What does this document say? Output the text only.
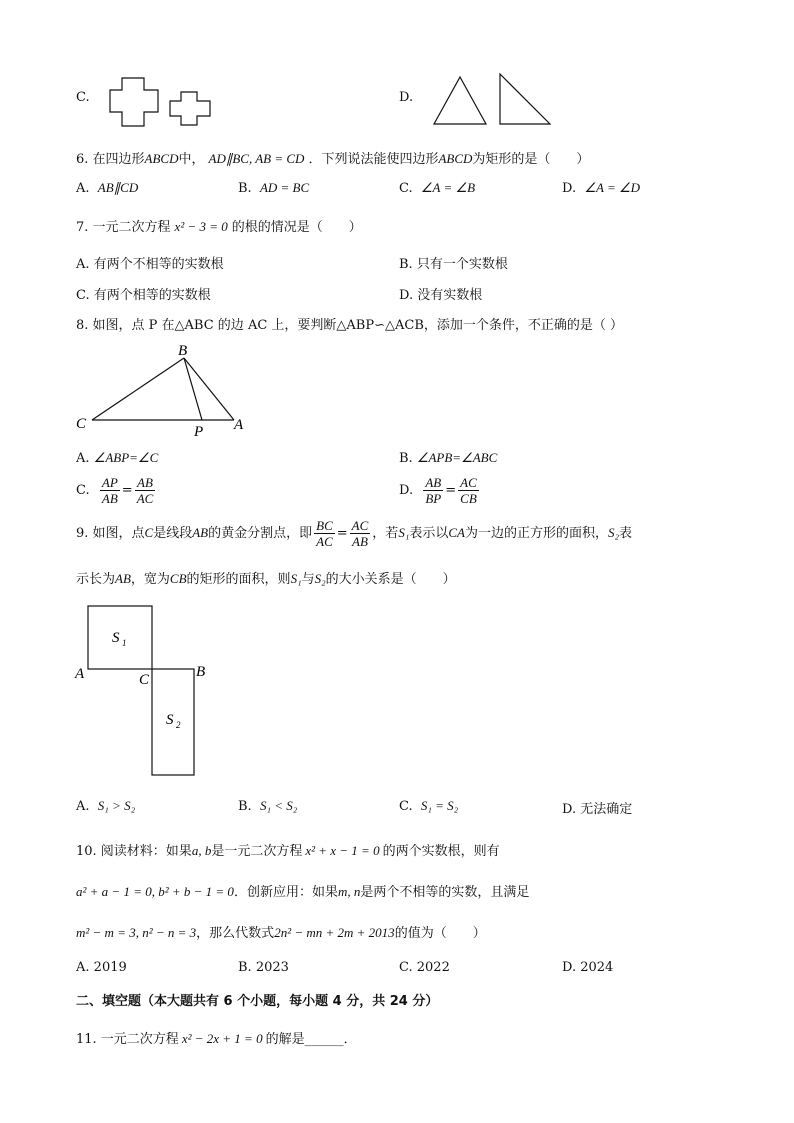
C.	D.
6. 在四边形ABCD中， AD∥BC, AB = CD ．下列说法能使四边形ABCD为矩形的是（　　）
A. AB∥CD	B. AD = BC	C. ∠A = ∠B	D. ∠A = ∠D
7. 一元二次方程 x² − 3 = 0 的根的情况是（　　）
A. 有两个不相等的实数根	B. 只有一个实数根
C. 有两个相等的实数根	D. 没有实数根
8. 如图，点 P 在△ABC 的边 AC 上，要判断△ABP∽△ACB，添加一个条件，不正确的是（ ）
B
C	P A
A. ∠ABP=∠C	B. ∠APB=∠ABC
C. $\frac{AP}{AB} = \frac{AB}{AC}$	D. $\frac{AB}{BP} = \frac{AC}{CB}$
9. 如图，点C是线段AB的黄金分割点，即 $\frac{BC}{AC} = \frac{AC}{AB}$ ，若S₁表示以CA为一边的正方形的面积，S₂表
示长为AB，宽为CB的矩形的面积，则S₁与S₂的大小关系是（　　）
S 1
S 2
A	C	B
A. S₁ > S₂	B. S₁ < S₂	C. S₁ = S₂	D. 无法确定
10. 阅读材料：如果a, b是一元二次方程 x² + x − 1 = 0 的两个实数根，则有
a² + a − 1 = 0, b² + b − 1 = 0．创新应用：如果m, n是两个不相等的实数，且满足
m² − m = 3, n² − n = 3，那么代数式2n² − mn + 2m + 2013的值为（　　）
A. 2019	B. 2023	C. 2022	D. 2024
二、填空题（本大题共有 6 个小题，每小题 4 分，共 24 分）
11. 一元二次方程 x² − 2x + 1 = 0 的解是______．
